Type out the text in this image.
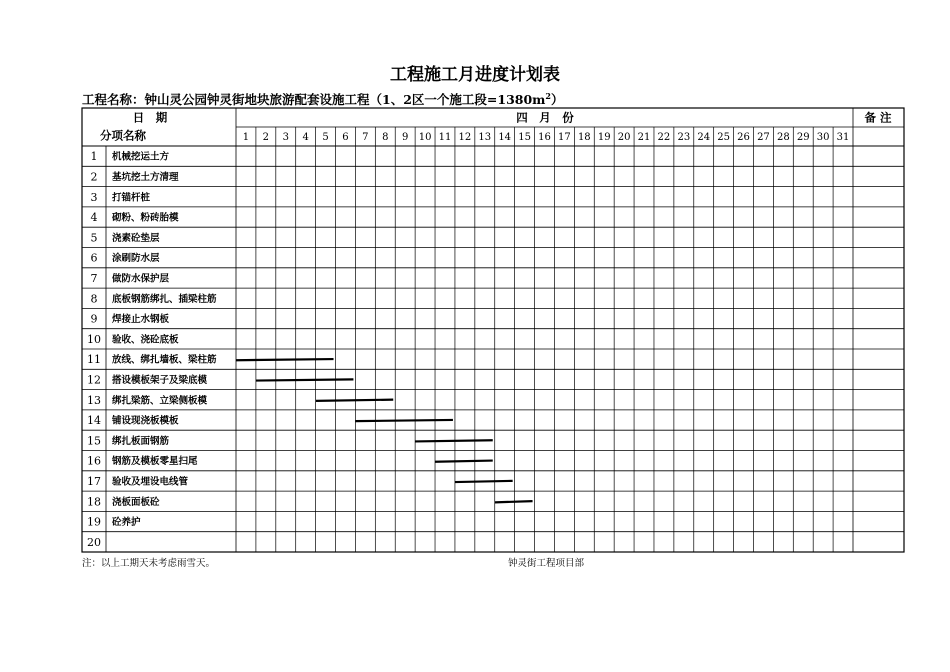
工程施工月进度计划表
工程名称：钟山灵公园钟灵街地块旅游配套设施工程（1、2区一个施工段$=1380m^2$）
日　期
分项名称
四　月　份	备 注
1 2 3 4 5 6 7 8 9 10 11 12 13 14 15 16 17 18 19 20 21 22 23 24 25 26 27 28 29 30 31
1 机械挖运土方
2 基坑挖土方清理
3 打锚杆桩
4 砌粉、粉砖胎模
5 浇素砼垫层
6 涂刷防水层
7 做防水保护层
8 底板钢筋绑扎、插梁柱筋
9 焊接止水钢板
10 验收、浇砼底板
11 放线、绑扎墙板、梁柱筋
12 搭设模板架子及梁底模
13 绑扎梁筋、立梁侧板模
14 铺设现浇板模板
15 绑扎板面钢筋
16 钢筋及模板零星扫尾
17 验收及埋设电线管
18 浇板面板砼
19 砼养护
20
注：以上工期天未考虑雨雪天。	钟灵街工程项目部
